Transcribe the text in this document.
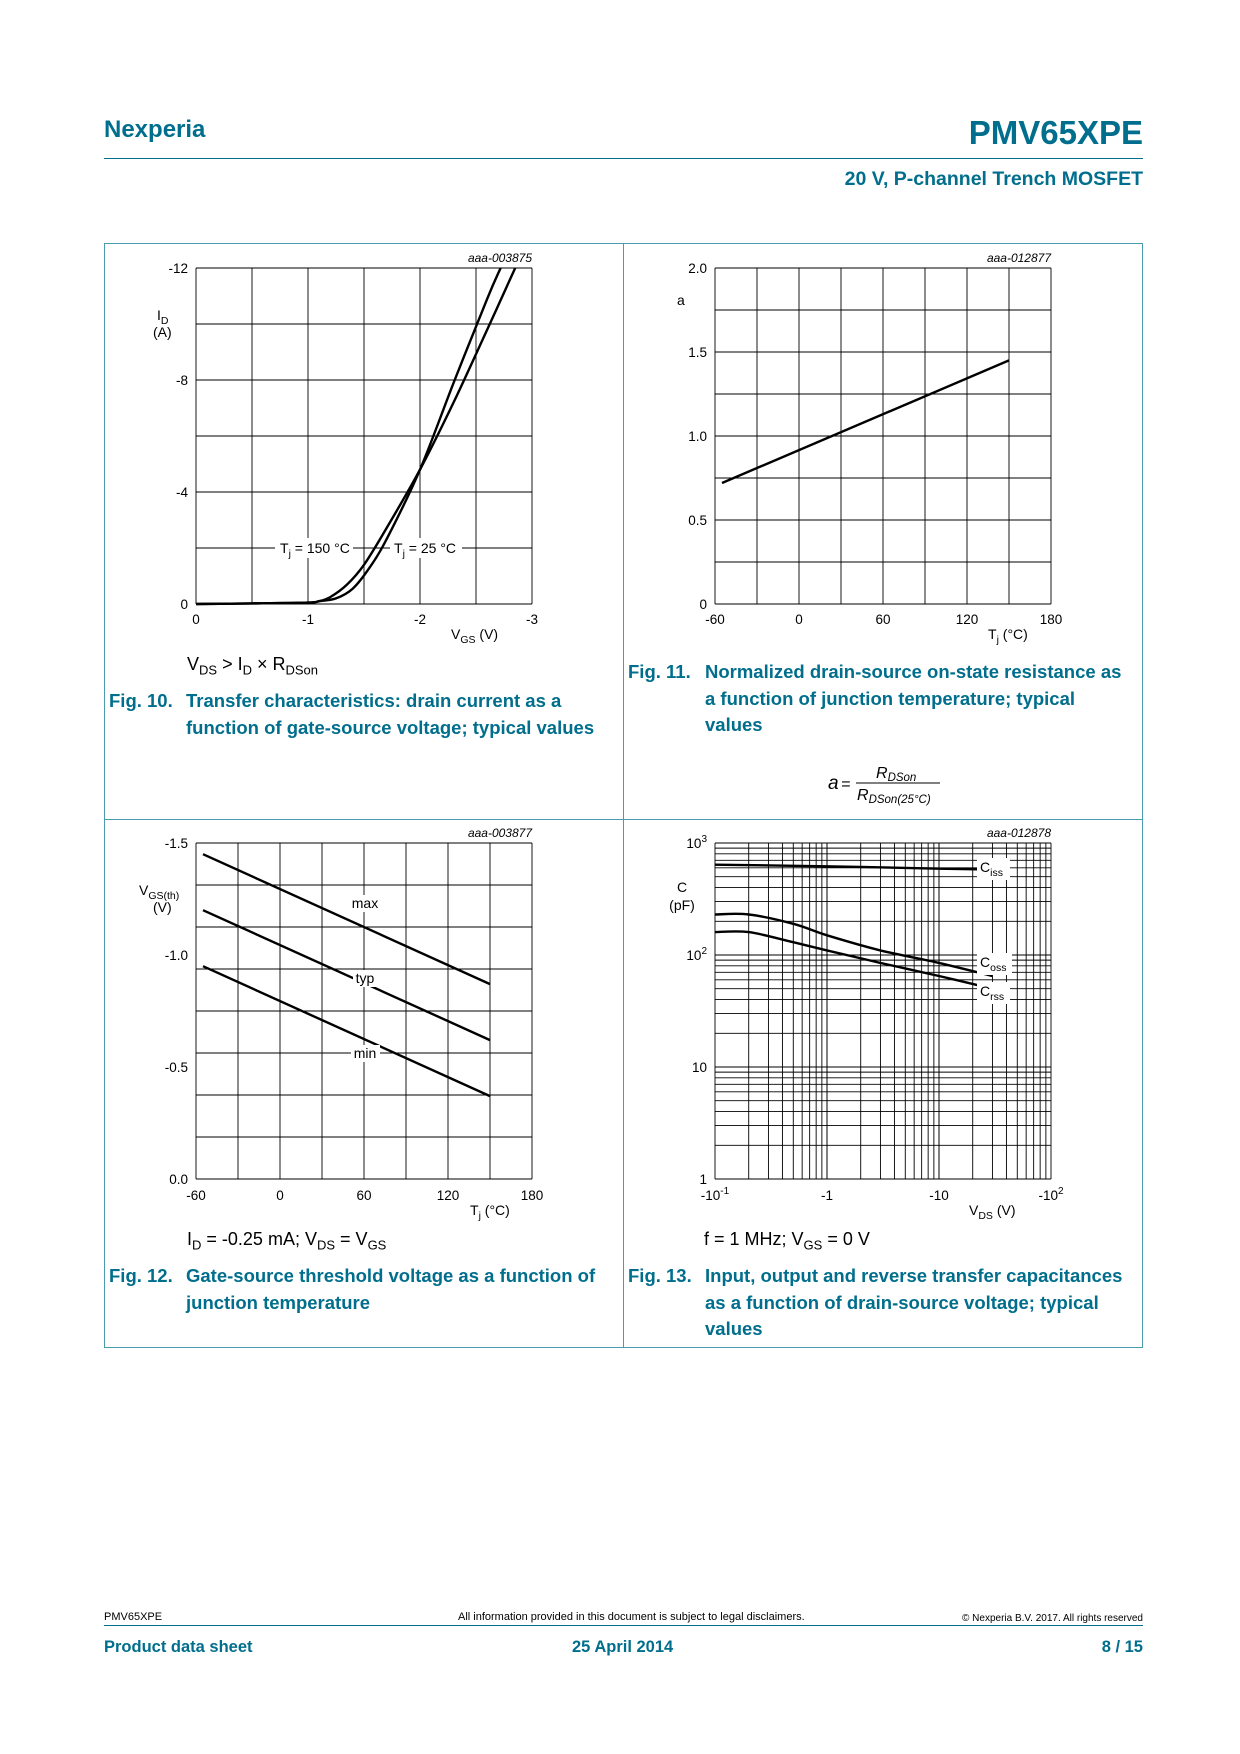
Nexperia	PMV65XPE
20 V, P-channel Trench MOSFET
aaa-003875
-12
-8
-4
0
0	-1	-2	-3
$I_D$
(A)
$V_{GS}$ (V)
$T_j = 150$ °C	$T_j = 25$ °C
$V_{DS} > I_D \times R_{DSon}$
Fig. 10. Transfer characteristics: drain current as a function of gate-source voltage; typical values
aaa-012877
2.0
1.5
1.0
0.5
0
-60	0	60	120	180
a
$T_j$ (°C)
Fig. 11. Normalized drain-source on-state resistance as a function of junction temperature; typical values
a =
RDSon
RDSon(25°C)
aaa-003877
-1.5
-1.0
-0.5
0.0
-60	0	60	120	180
$V_{GS(th)}$
(V)
$T_j$ (°C)
max
typ
min
$I_D = -0.25$ mA; $V_{DS} = V_{GS}$
Fig. 12. Gate-source threshold voltage as a function of junction temperature
aaa-012878
$10^3$
$10^2$
10
1
$-10^{-1}$	-1	-10	$-10^2$
C
(pF)
$V_{DS}$ (V)
$C_{iss}$
$C_{oss}$
$C_{rss}$
f = 1 MHz; $V_{GS} = 0$ V
Fig. 13. Input, output and reverse transfer capacitances as a function of drain-source voltage; typical values
PMV65XPE	All information provided in this document is subject to legal disclaimers.	© Nexperia B.V. 2017. All rights reserved
Product data sheet	25 April 2014	8 / 15
